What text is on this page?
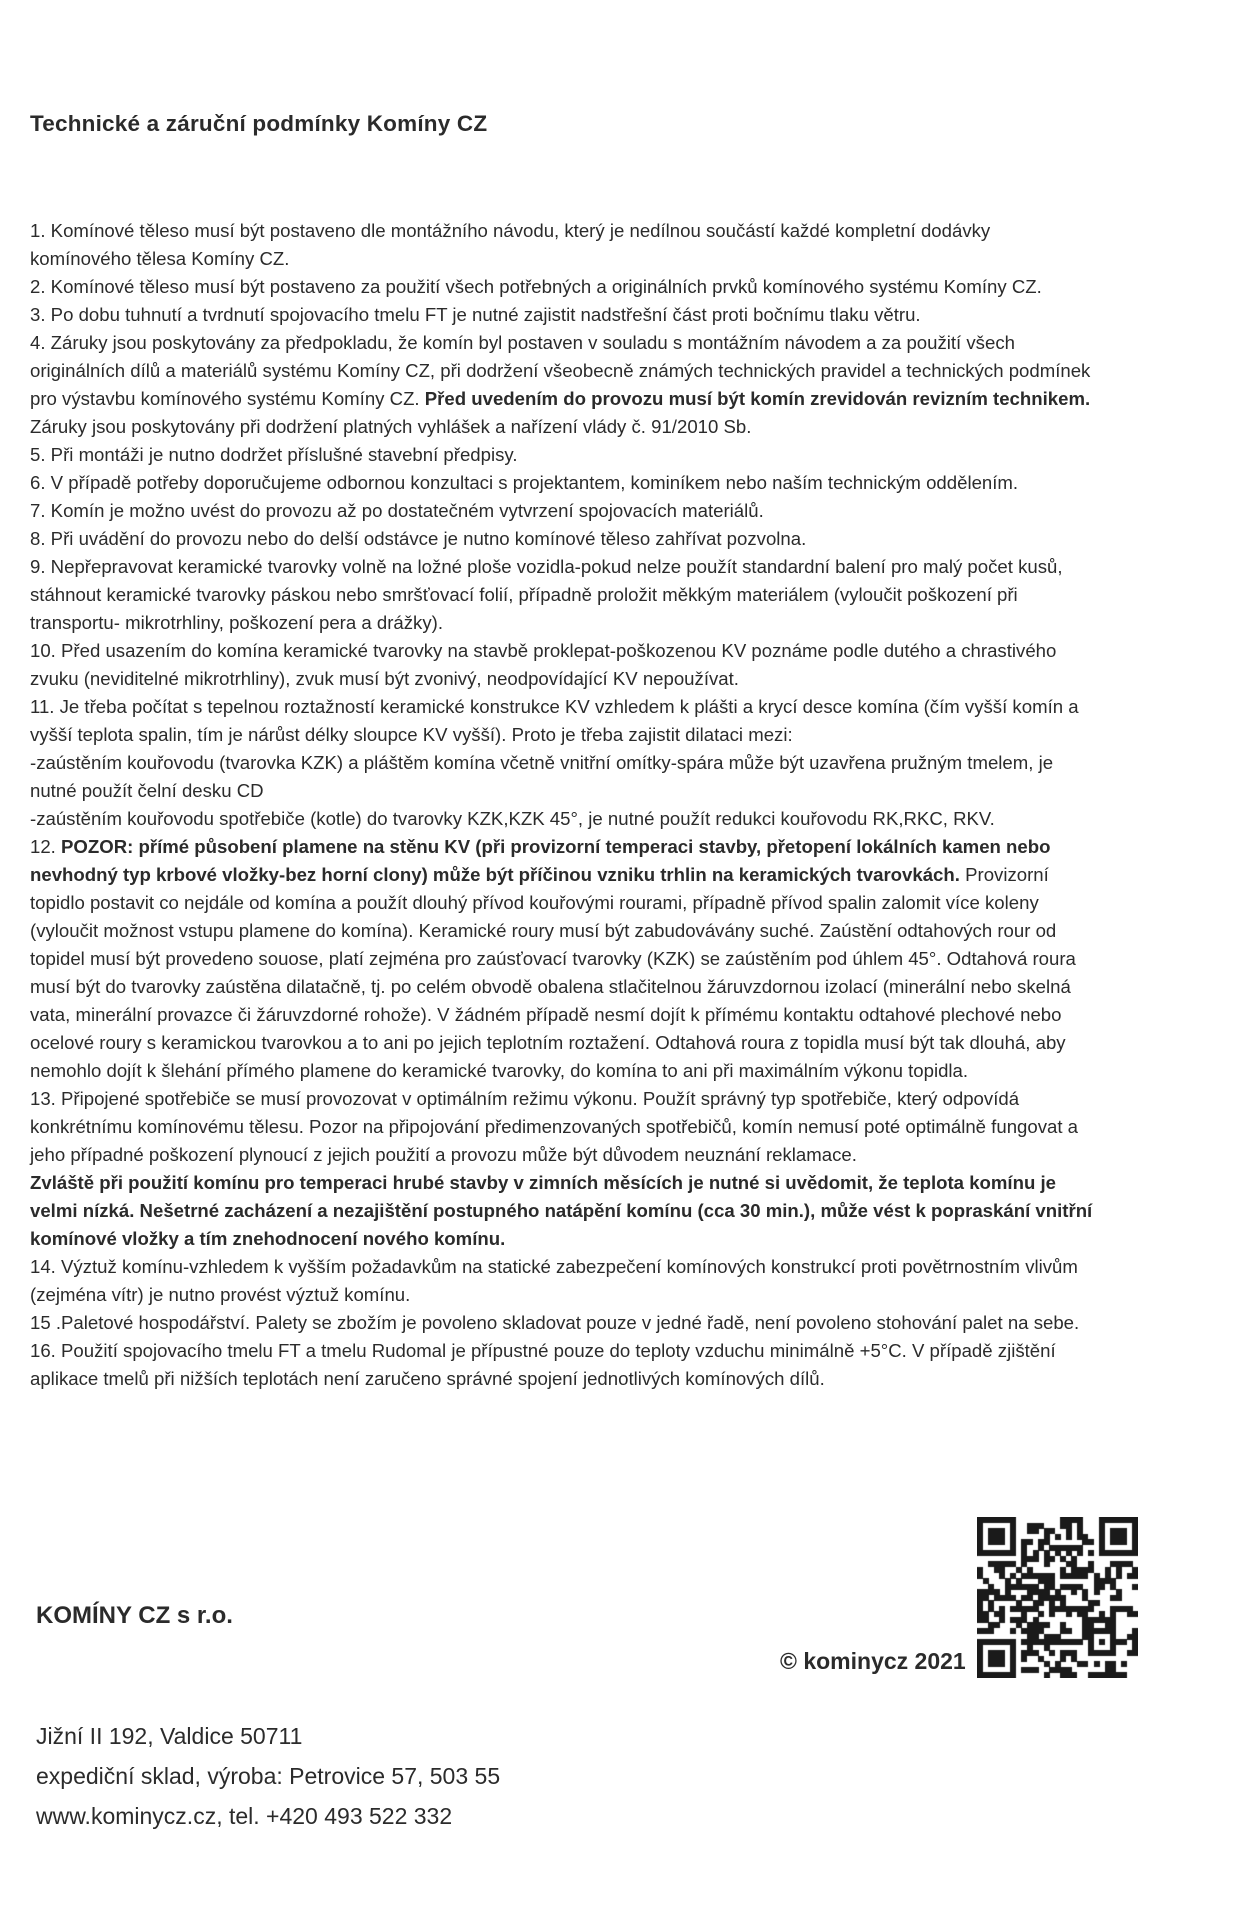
Technické a záruční podmínky Komíny CZ
1. Komínové těleso musí být postaveno dle montážního návodu, který je nedílnou součástí každé kompletní dodávky
komínového tělesa Komíny CZ.
2. Komínové těleso musí být postaveno za použití všech potřebných a originálních prvků komínového systému Komíny CZ.
3. Po dobu tuhnutí a tvrdnutí spojovacího tmelu FT je nutné zajistit nadstřešní část proti bočnímu tlaku větru.
4. Záruky jsou poskytovány za předpokladu, že komín byl postaven v souladu s montážním návodem a za použití všech
originálních dílů a materiálů systému Komíny CZ, při dodržení všeobecně známých technických pravidel a technických podmínek
pro výstavbu komínového systému Komíny CZ. Před uvedením do provozu musí být komín zrevidován revizním technikem.
Záruky jsou poskytovány při dodržení platných vyhlášek a nařízení vlády č. 91/2010 Sb.
5. Při montáži je nutno dodržet příslušné stavební předpisy.
6. V případě potřeby doporučujeme odbornou konzultaci s projektantem, kominíkem nebo naším technickým oddělením.
7. Komín je možno uvést do provozu až po dostatečném vytvrzení spojovacích materiálů.
8. Při uvádění do provozu nebo do delší odstávce je nutno komínové těleso zahřívat pozvolna.
9. Nepřepravovat keramické tvarovky volně na ložné ploše vozidla-pokud nelze použít standardní balení pro malý počet kusů,
stáhnout keramické tvarovky páskou nebo smršťovací folií, případně proložit měkkým materiálem (vyloučit poškození při
transportu- mikrotrhliny, poškození pera a drážky).
10. Před usazením do komína keramické tvarovky na stavbě proklepat-poškozenou KV poznáme podle dutého a chrastivého
zvuku (neviditelné mikrotrhliny), zvuk musí být zvonivý, neodpovídající KV nepoužívat.
11. Je třeba počítat s tepelnou roztažností keramické konstrukce KV vzhledem k plášti a krycí desce komína (čím vyšší komín a
vyšší teplota spalin, tím je nárůst délky sloupce KV vyšší). Proto je třeba zajistit dilataci mezi:
-zaústěním kouřovodu (tvarovka KZK) a pláštěm komína včetně vnitřní omítky-spára může být uzavřena pružným tmelem, je
nutné použít čelní desku CD
-zaústěním kouřovodu spotřebiče (kotle) do tvarovky KZK,KZK 45°, je nutné použít redukci kouřovodu RK,RKC, RKV.
12. POZOR: přímé působení plamene na stěnu KV (při provizorní temperaci stavby, přetopení lokálních kamen nebo
nevhodný typ krbové vložky-bez horní clony) může být příčinou vzniku trhlin na keramických tvarovkách. Provizorní
topidlo postavit co nejdále od komína a použít dlouhý přívod kouřovými rourami, případně přívod spalin zalomit více koleny
(vyloučit možnost vstupu plamene do komína). Keramické roury musí být zabudovávány suché. Zaústění odtahových rour od
topidel musí být provedeno souose, platí zejména pro zaúsťovací tvarovky (KZK) se zaústěním pod úhlem 45°. Odtahová roura
musí být do tvarovky zaústěna dilatačně, tj. po celém obvodě obalena stlačitelnou žáruvzdornou izolací (minerální nebo skelná
vata, minerální provazce či žáruvzdorné rohože). V žádném případě nesmí dojít k přímému kontaktu odtahové plechové nebo
ocelové roury s keramickou tvarovkou a to ani po jejich teplotním roztažení. Odtahová roura z topidla musí být tak dlouhá, aby
nemohlo dojít k šlehání přímého plamene do keramické tvarovky, do komína to ani při maximálním výkonu topidla.
13. Připojené spotřebiče se musí provozovat v optimálním režimu výkonu. Použít správný typ spotřebiče, který odpovídá
konkrétnímu komínovému tělesu. Pozor na připojování předimenzovaných spotřebičů, komín nemusí poté optimálně fungovat a
jeho případné poškození plynoucí z jejich použití a provozu může být důvodem neuznání reklamace.
Zvláště při použití komínu pro temperaci hrubé stavby v zimních měsících je nutné si uvědomit, že teplota komínu je
velmi nízká. Nešetrné zacházení a nezajištění postupného natápění komínu (cca 30 min.), může vést k popraskání vnitřní
komínové vložky a tím znehodnocení nového komínu.
14. Výztuž komínu-vzhledem k vyšším požadavkům na statické zabezpečení komínových konstrukcí proti povětrnostním vlivům
(zejména vítr) je nutno provést výztuž komínu.
15 .Paletové hospodářství. Palety se zbožím je povoleno skladovat pouze v jedné řadě, není povoleno stohování palet na sebe.
16. Použití spojovacího tmelu FT a tmelu Rudomal je přípustné pouze do teploty vzduchu minimálně +5°C. V případě zjištění
aplikace tmelů při nižších teplotách není zaručeno správné spojení jednotlivých komínových dílů.

KOMÍNY CZ s r.o.

Jižní II 192, Valdice 50711
expediční sklad, výroba: Petrovice 57, 503 55
www.kominycz.cz, tel. +420 493 522 332

© kominycz 2021
